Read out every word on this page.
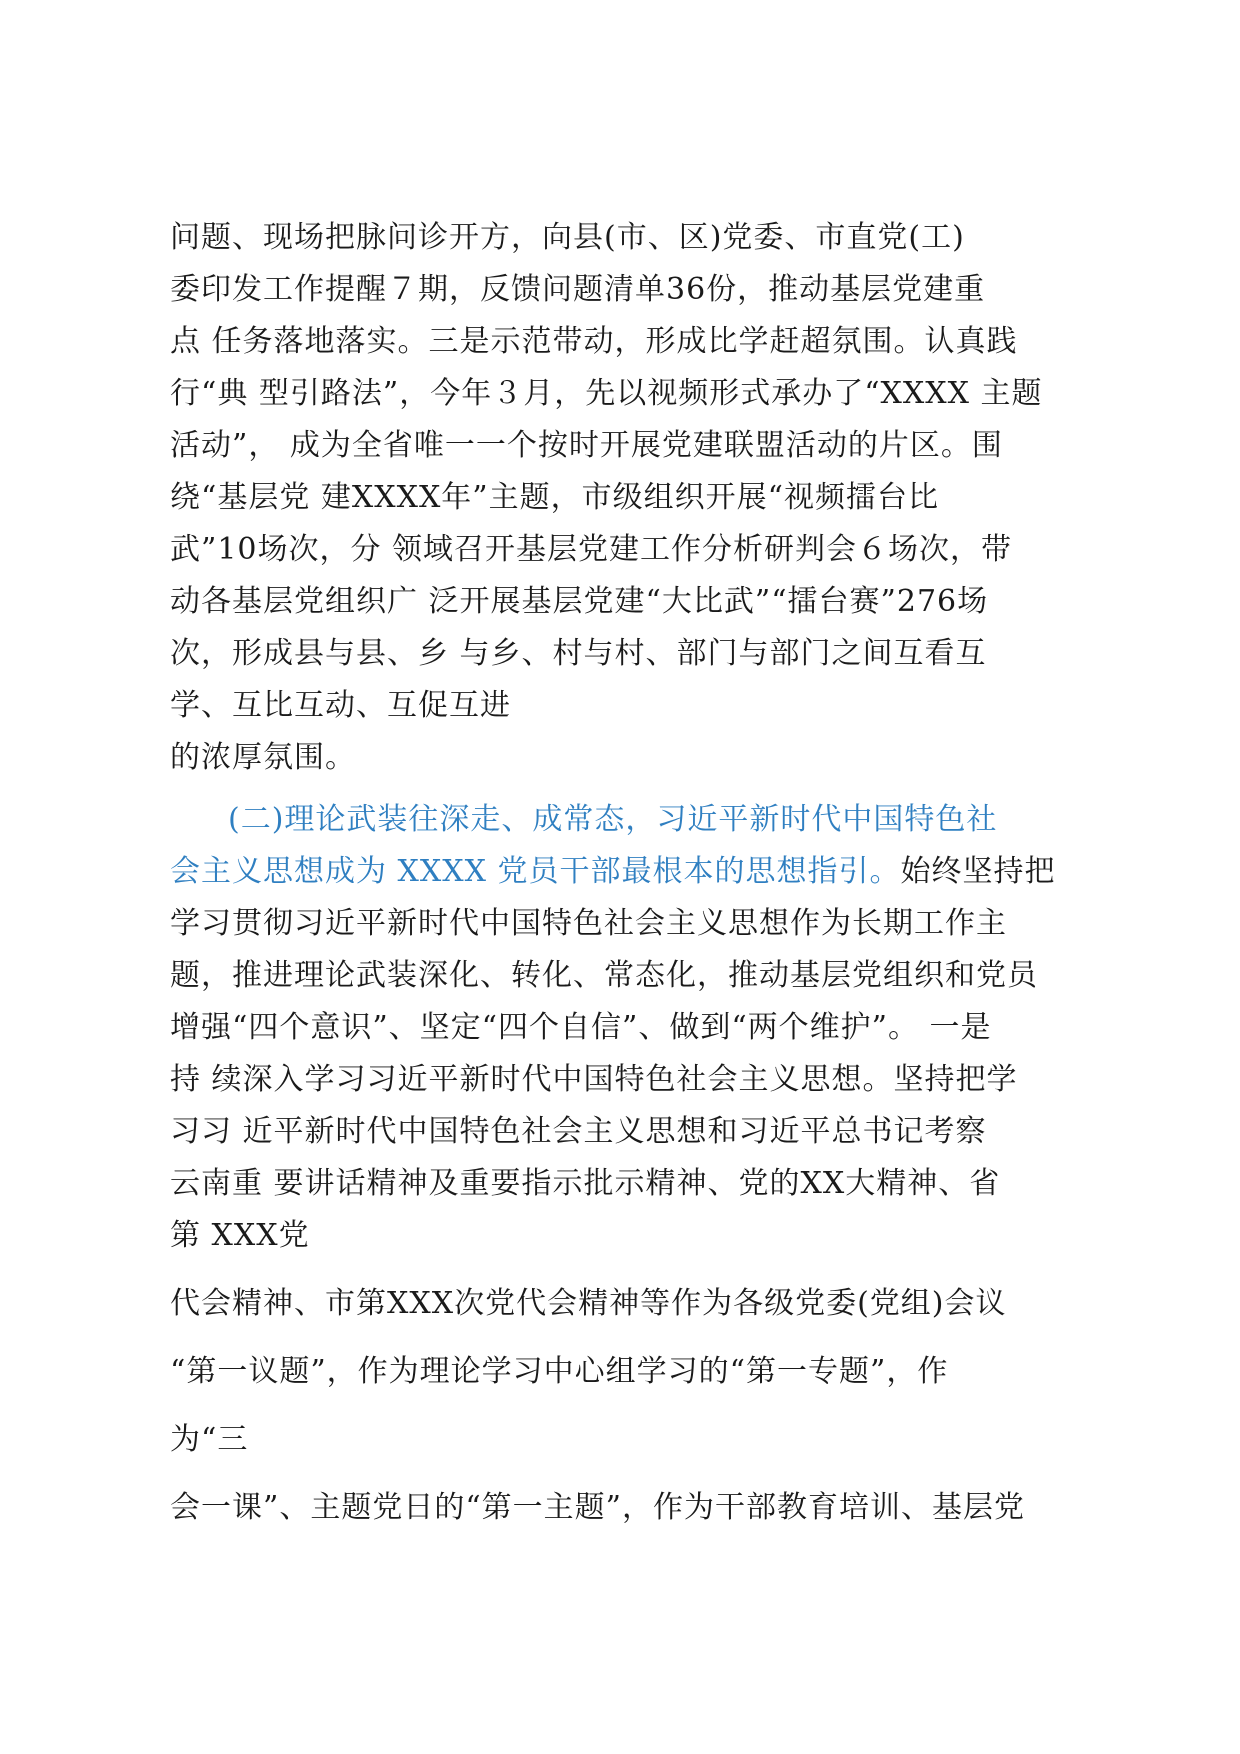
问题、现场把脉问诊开方，向县(市、区)党委、市直党(工)
委印发工作提醒７期，反馈问题清单36份，推动基层党建重
点 任务落地落实。三是示范带动，形成比学赶超氛围。认真践
行“典 型引路法”，今年３月，先以视频形式承办了“XXXX 主题
活动”， 成为全省唯一一个按时开展党建联盟活动的片区。围
绕“基层党 建XXXX年”主题，市级组织开展“视频擂台比
武”10场次，分 领域召开基层党建工作分析研判会６场次，带
动各基层党组织广 泛开展基层党建“大比武”“擂台赛”276场
次，形成县与县、乡 与乡、村与村、部门与部门之间互看互
学、互比互动、互促互进
的浓厚氛围。
(二)理论武装往深走、成常态，习近平新时代中国特色社
会主义思想成为 XXXX 党员干部最根本的思想指引。始终坚持把
学习贯彻习近平新时代中国特色社会主义思想作为长期工作主
题，推进理论武装深化、转化、常态化，推动基层党组织和党员
增强“四个意识”、坚定“四个自信”、做到“两个维护”。 一是
持 续深入学习习近平新时代中国特色社会主义思想。坚持把学
习习 近平新时代中国特色社会主义思想和习近平总书记考察
云南重 要讲话精神及重要指示批示精神、党的XX大精神、省
第 XXX党
代会精神、市第XXX次党代会精神等作为各级党委(党组)会议
“第一议题”，作为理论学习中心组学习的“第一专题”，作
为“三
会一课”、主题党日的“第一主题”，作为干部教育培训、基层党
